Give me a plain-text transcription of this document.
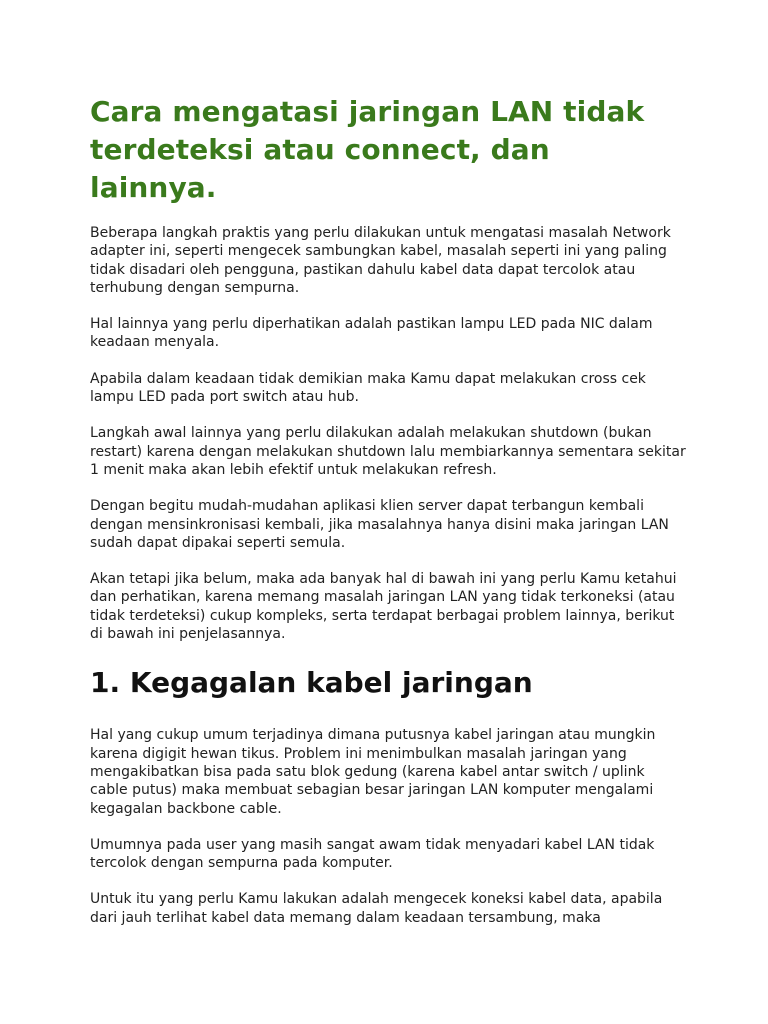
Cara mengatasi jaringan LAN tidak terdeteksi atau connect, dan lainnya.

Beberapa langkah praktis yang perlu dilakukan untuk mengatasi masalah Network adapter ini, seperti mengecek sambungkan kabel, masalah seperti ini yang paling tidak disadari oleh pengguna, pastikan dahulu kabel data dapat tercolok atau terhubung dengan sempurna.

Hal lainnya yang perlu diperhatikan adalah pastikan lampu LED pada NIC dalam keadaan menyala.

Apabila dalam keadaan tidak demikian maka Kamu dapat melakukan cross cek lampu LED pada port switch atau hub.

Langkah awal lainnya yang perlu dilakukan adalah melakukan shutdown (bukan restart) karena dengan melakukan shutdown lalu membiarkannya sementara sekitar 1 menit maka akan lebih efektif untuk melakukan refresh.

Dengan begitu mudah-mudahan aplikasi klien server dapat terbangun kembali dengan mensinkronisasi kembali, jika masalahnya hanya disini maka jaringan LAN sudah dapat dipakai seperti semula.

Akan tetapi jika belum, maka ada banyak hal di bawah ini yang perlu Kamu ketahui dan perhatikan, karena memang masalah jaringan LAN yang tidak terkoneksi (atau tidak terdeteksi) cukup kompleks, serta terdapat berbagai problem lainnya, berikut di bawah ini penjelasannya.

1. Kegagalan kabel jaringan

Hal yang cukup umum terjadinya dimana putusnya kabel jaringan atau mungkin karena digigit hewan tikus. Problem ini menimbulkan masalah jaringan yang mengakibatkan bisa pada satu blok gedung (karena kabel antar switch / uplink cable putus) maka membuat sebagian besar jaringan LAN komputer mengalami kegagalan backbone cable.

Umumnya pada user yang masih sangat awam tidak menyadari kabel LAN tidak tercolok dengan sempurna pada komputer.

Untuk itu yang perlu Kamu lakukan adalah mengecek koneksi kabel data, apabila dari jauh terlihat kabel data memang dalam keadaan tersambung, maka
